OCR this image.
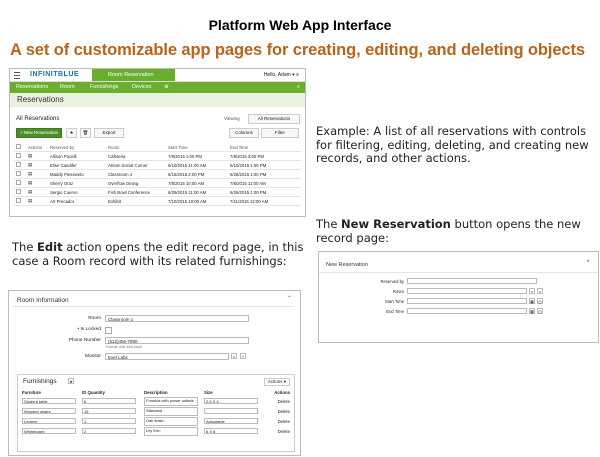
Platform Web App Interface
A set of customizable app pages for creating, editing, and deleting objects
INFINITBLUE	Room Reservation	Hello, Adam ▾ ≡
Reservations Room	Furnishings Devices ⊕	⌕
Reservations
All Reservations	Viewing	All Reservations
+ New Reservation	★	🗑	Export	Columns	Filter
	Actions	Reserved by	Room	Start Time	End Time
	▤	Allison Pocelli	Cafeteria	7/8/2015 1:00 PM	7/8/2015 3:00 PM
	▤	Elise Candifer	Atrium Social Corner	6/10/2015 11:00 AM	6/10/2015 1:00 PM
	▤	Maddy Piessweto	Classroom 4	6/15/2015 2:00 PM	6/25/2015 1:00 PM
	▤	Sherry Oraz	Overflow Dining	7/8/2015 10:00 AM	7/8/2015 11:00 AM
	▤	Sergio Cuervo	Fish Bowl Conference	6/29/2015 11:00 AM	6/29/2015 1:00 PM
	▤	Art Precador	Exhibit	7/10/2015 10:00 AM	7/11/2015 12:00 AM
Example: A list of all reservations with controls for filtering, editing, deleting, and creating new records, and other actions.
The New Reservation button opens the new record page:
The Edit action opens the edit record page, in this case a Room record with its related furnishings:	New Reservation	×
Reserved by
Room	⌕	×
Start Time	▦	◷
End Time	▦	◷
Room Information	⌃
Room	Classroom 1
• Is Locked
Phone Number	(512)456-7890
Format: ###-###-####
Monitor	Exel Labs	⌕	+
Furnishings	★	Actions ▾
Furniture	ID Quantity	Description	Size	Actions

Student table	6	Formica with power outlets	2.5 X 6	Delete

Wooden chairs	16	Standard		Delete

Lectern	1	Oak finish	Adjustable	Delete

Whiteboard	2	Dry Erin	6 X 8	Delete
